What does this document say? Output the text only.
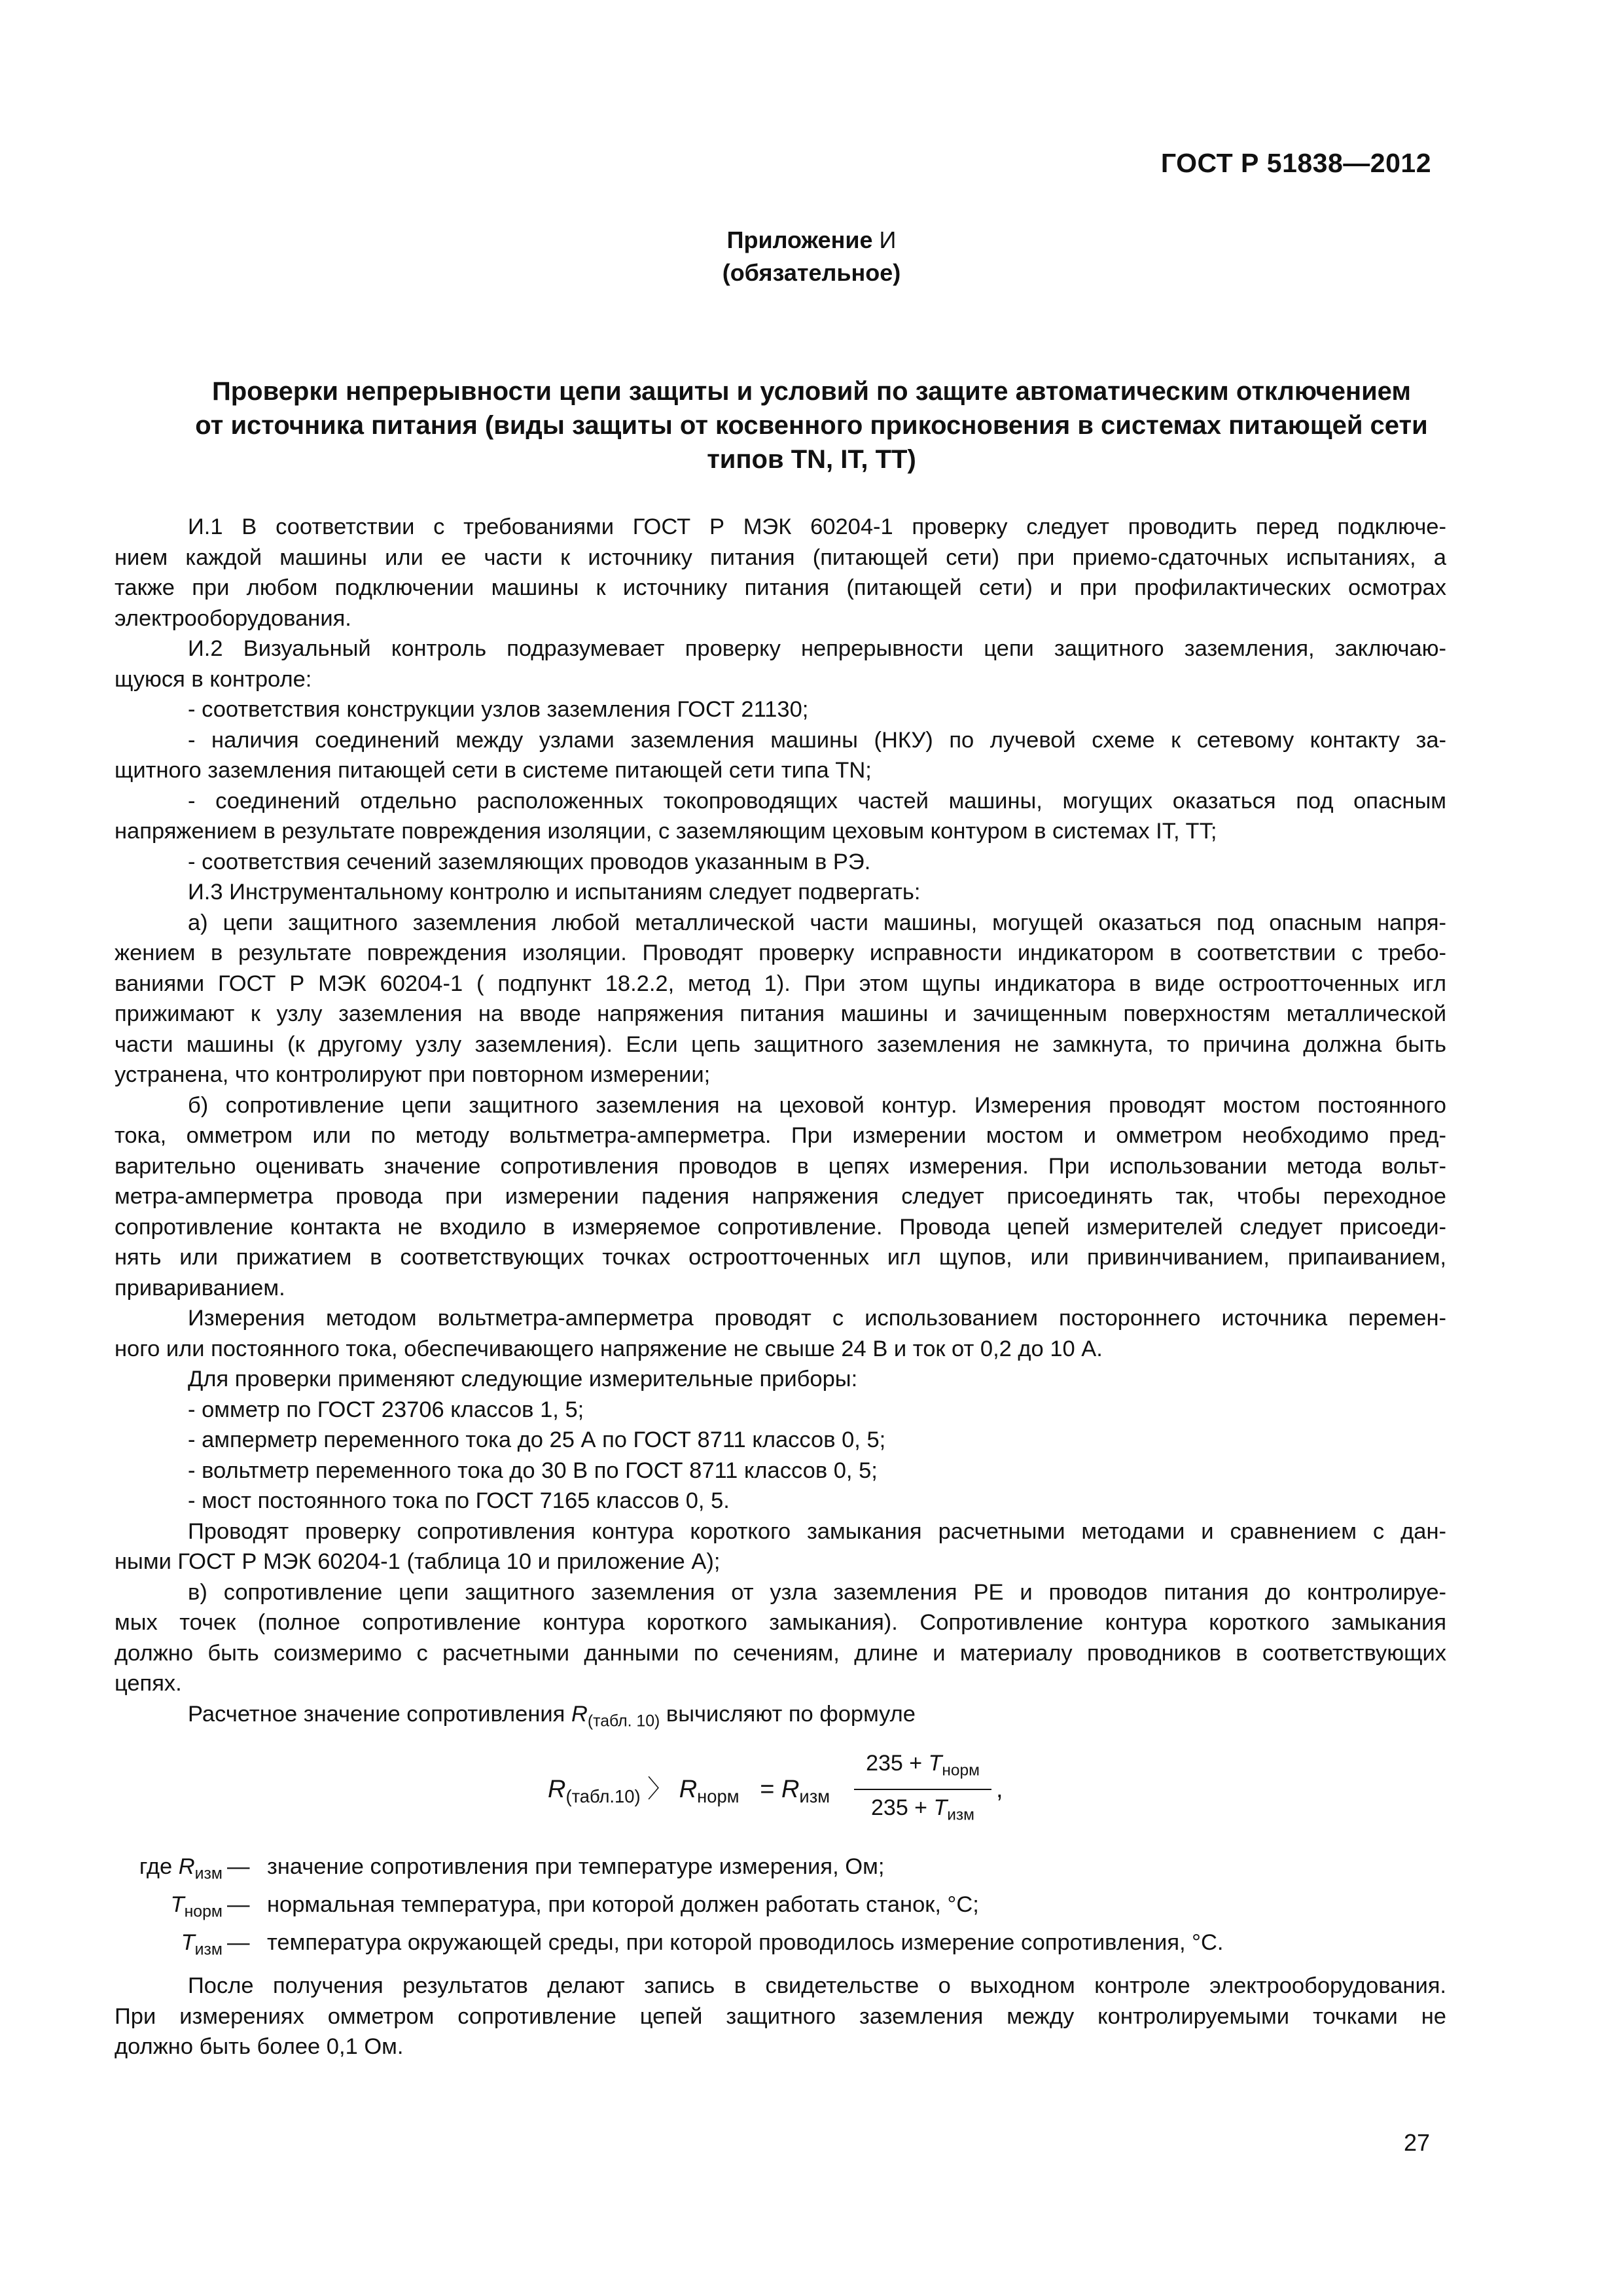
ГОСТ Р 51838—2012
Приложение И
(обязательное)
Проверки непрерывности цепи защиты и условий по защите автоматическим отключением
от источника питания (виды защиты от косвенного прикосновения в системах питающей сети
типов TN, IT, TT)
И.1 В соответствии с требованиями ГОСТ Р МЭК 60204-1 проверку следует проводить перед подключе-
нием каждой машины или ее части к источнику питания (питающей сети) при приемо-сдаточных испытаниях, а
также при любом подключении машины к источнику питания (питающей сети) и при профилактических осмотрах
электрооборудования.
И.2 Визуальный контроль подразумевает проверку непрерывности цепи защитного заземления, заключаю-
щуюся в контроле:
- соответствия конструкции узлов заземления ГОСТ 21130;
- наличия соединений между узлами заземления машины (НКУ) по лучевой схеме к сетевому контакту за-
щитного заземления питающей сети в системе питающей сети типа TN;
- соединений отдельно расположенных токопроводящих частей машины, могущих оказаться под опасным
напряжением в результате повреждения изоляции, с заземляющим цеховым контуром в системах IT, TT;
- соответствия сечений заземляющих проводов указанным в РЭ.
И.3 Инструментальному контролю и испытаниям следует подвергать:
а) цепи защитного заземления любой металлической части машины, могущей оказаться под опасным напря-
жением в результате повреждения изоляции. Проводят проверку исправности индикатором в соответствии с требо-
ваниями ГОСТ Р МЭК 60204-1 ( подпункт 18.2.2, метод 1). При этом щупы индикатора в виде остроотточенных игл
прижимают к узлу заземления на вводе напряжения питания машины и зачищенным поверхностям металлической
части машины (к другому узлу заземления). Если цепь защитного заземления не замкнута, то причина должна быть
устранена, что контролируют при повторном измерении;
б) сопротивление цепи защитного заземления на цеховой контур. Измерения проводят мостом постоянного
тока, омметром или по методу вольтметра-амперметра. При измерении мостом и омметром необходимо пред-
варительно оценивать значение сопротивления проводов в цепях измерения. При использовании метода вольт-
метра-амперметра провода при измерении падения напряжения следует присоединять так, чтобы переходное
сопротивление контакта не входило в измеряемое сопротивление. Провода цепей измерителей следует присоеди-
нять или прижатием в соответствующих точках остроотточенных игл щупов, или привинчиванием, припаиванием,
привариванием.
Измерения методом вольтметра-амперметра проводят с использованием постороннего источника перемен-
ного или постоянного тока, обеспечивающего напряжение не свыше 24 В и ток от 0,2 до 10 А.
Для проверки применяют следующие измерительные приборы:
- омметр по ГОСТ 23706 классов 1, 5;
- амперметр переменного тока до 25 А по ГОСТ 8711 классов 0, 5;
- вольтметр переменного тока до 30 В по ГОСТ 8711 классов 0, 5;
- мост постоянного тока по ГОСТ 7165 классов 0, 5.
Проводят проверку сопротивления контура короткого замыкания расчетными методами и сравнением с дан-
ными ГОСТ Р МЭК 60204-1 (таблица 10 и приложение А);
в) сопротивление цепи защитного заземления от узла заземления PE и проводов питания до контролируе-
мых точек (полное сопротивление контура короткого замыкания). Сопротивление контура короткого замыкания
должно быть соизмеримо с расчетными данными по сечениям, длине и материалу проводников в соответствующих
цепях.
Расчетное значение сопротивления $R_{(табл. 10)}$ вычисляют по формуле
$R_{(табл.10)}$ 〉 $R_{норм} = R_{изм}$
$235 + T_{норм}$
$235 + T_{изм}$
,
где $R_{изм}$ — значение сопротивления при температуре измерения, Ом;
$T_{норм}$ — нормальная температура, при которой должен работать станок, °C;
$T_{изм}$ — температура окружающей среды, при которой проводилось измерение сопротивления, °C.
После получения результатов делают запись в свидетельстве о выходном контроле электрооборудования.
При измерениях омметром сопротивление цепей защитного заземления между контролируемыми точками не
должно быть более 0,1 Ом.
27
